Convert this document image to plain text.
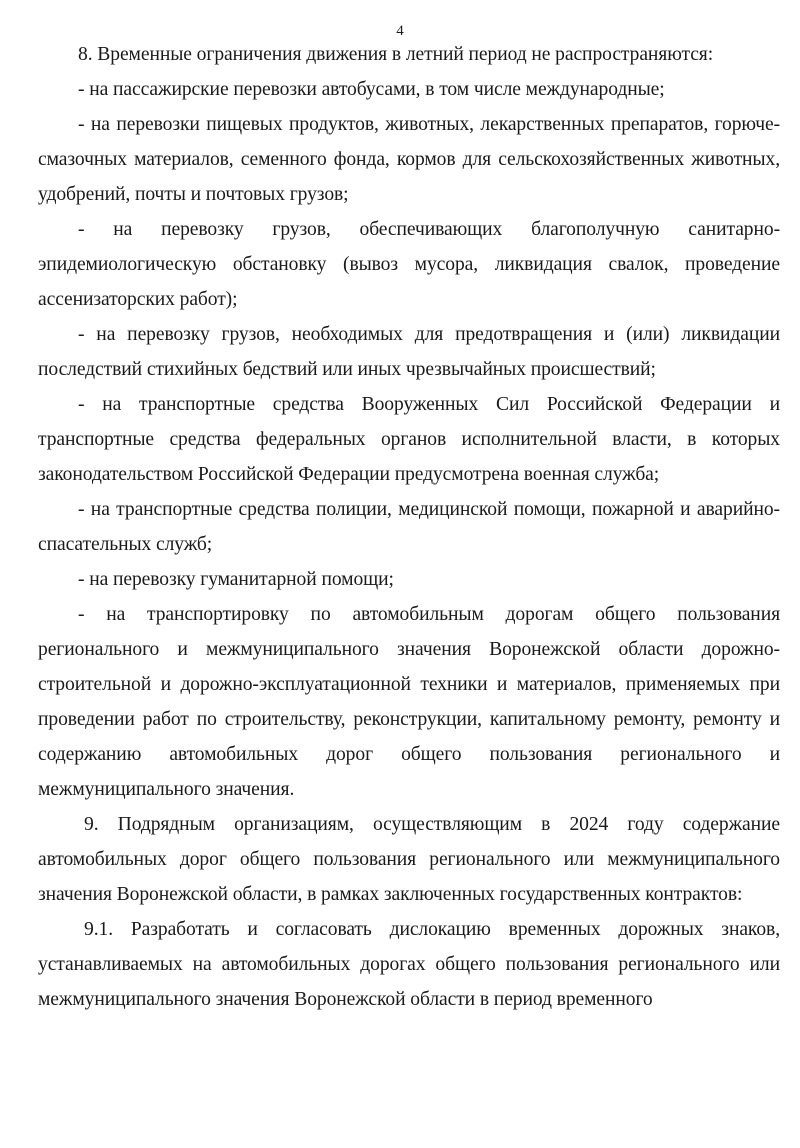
4

8. Временные ограничения движения в летний период не распространяются:

- на пассажирские перевозки автобусами, в том числе международные;

- на перевозки пищевых продуктов, животных, лекарственных препаратов, горюче-смазочных материалов, семенного фонда, кормов для сельскохозяйственных животных, удобрений, почты и почтовых грузов;

- на перевозку грузов, обеспечивающих благополучную санитарно-эпидемиологическую обстановку (вывоз мусора, ликвидация свалок, проведение ассенизаторских работ);

- на перевозку грузов, необходимых для предотвращения и (или) ликвидации последствий стихийных бедствий или иных чрезвычайных происшествий;

- на транспортные средства Вооруженных Сил Российской Федерации и транспортные средства федеральных органов исполнительной власти, в которых законодательством Российской Федерации предусмотрена военная служба;

- на транспортные средства полиции, медицинской помощи, пожарной и аварийно-спасательных служб;

- на перевозку гуманитарной помощи;

- на транспортировку по автомобильным дорогам общего пользования регионального и межмуниципального значения Воронежской области дорожно-строительной и дорожно-эксплуатационной техники и материалов, применяемых при проведении работ по строительству, реконструкции, капитальному ремонту, ремонту и содержанию автомобильных дорог общего пользования регионального и межмуниципального значения.

9. Подрядным организациям, осуществляющим в 2024 году содержание автомобильных дорог общего пользования регионального или межмуниципального значения Воронежской области, в рамках заключенных государственных контрактов:

9.1. Разработать и согласовать дислокацию временных дорожных знаков, устанавливаемых на автомобильных дорогах общего пользования регионального или межмуниципального значения Воронежской области в период временного
